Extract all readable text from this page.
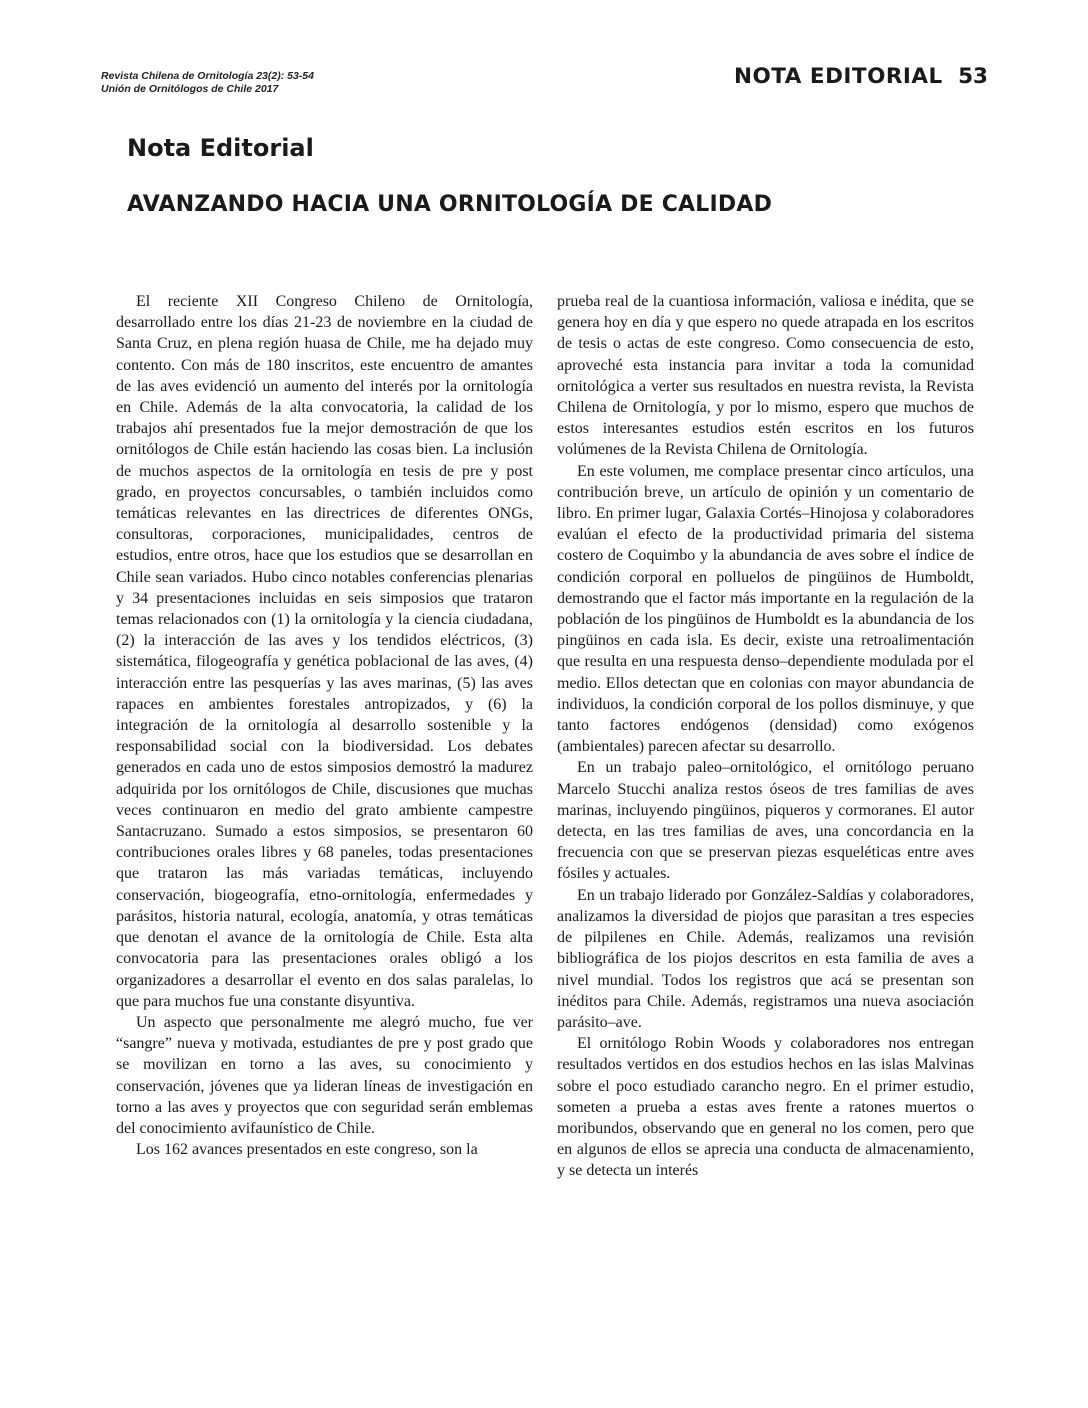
Revista Chilena de Ornitología 23(2): 53-54
Unión de Ornitólogos de Chile 2017	NOTA EDITORIAL 53
Nota Editorial
AVANZANDO HACIA UNA ORNITOLOGÍA DE CALIDAD

El reciente XII Congreso Chileno de Ornitología, desarrollado entre los días 21-23 de noviembre en la ciudad de Santa Cruz, en plena región huasa de Chile, me ha dejado muy contento. Con más de 180 inscritos, este encuentro de amantes de las aves evidenció un aumento del interés por la ornitología en Chile. Además de la alta convocatoria, la calidad de los trabajos ahí presentados fue la mejor demostración de que los ornitólogos de Chile están haciendo las cosas bien. La inclusión de muchos aspectos de la ornitología en tesis de pre y post grado, en proyectos concursables, o también incluidos como temáticas relevantes en las directrices de diferentes ONGs, consultoras, corporaciones, municipalidades, centros de estudios, entre otros, hace que los estudios que se desarrollan en Chile sean variados. Hubo cinco notables conferencias plenarias y 34 presentaciones incluidas en seis simposios que trataron temas relacionados con (1) la ornitología y la ciencia ciudadana, (2) la interacción de las aves y los tendidos eléctricos, (3) sistemática, filogeografía y genética poblacional de las aves, (4) interacción entre las pesquerías y las aves marinas, (5) las aves rapaces en ambientes forestales antropizados, y (6) la integración de la ornitología al desarrollo sostenible y la responsabilidad social con la biodiversidad. Los debates generados en cada uno de estos simposios demostró la madurez adquirida por los ornitólogos de Chile, discusiones que muchas veces continuaron en medio del grato ambiente campestre Santacruzano. Sumado a estos simposios, se presentaron 60 contribuciones orales libres y 68 paneles, todas presentaciones que trataron las más variadas temáticas, incluyendo conservación, biogeografía, etno-ornitología, enfermedades y parásitos, historia natural, ecología, anatomía, y otras temáticas que denotan el avance de la ornitología de Chile. Esta alta convocatoria para las presentaciones orales obligó a los organizadores a desarrollar el evento en dos salas paralelas, lo que para muchos fue una constante disyuntiva.

Un aspecto que personalmente me alegró mucho, fue ver “sangre” nueva y motivada, estudiantes de pre y post grado que se movilizan en torno a las aves, su conocimiento y conservación, jóvenes que ya lideran líneas de investigación en torno a las aves y proyectos que con seguridad serán emblemas del conocimiento avifaunístico de Chile.

Los 162 avances presentados en este congreso, son la

prueba real de la cuantiosa información, valiosa e inédita, que se genera hoy en día y que espero no quede atrapada en los escritos de tesis o actas de este congreso. Como consecuencia de esto, aproveché esta instancia para invitar a toda la comunidad ornitológica a verter sus resultados en nuestra revista, la Revista Chilena de Ornitología, y por lo mismo, espero que muchos de estos interesantes estudios estén escritos en los futuros volúmenes de la Revista Chilena de Ornitología.

En este volumen, me complace presentar cinco artículos, una contribución breve, un artículo de opinión y un comentario de libro. En primer lugar, Galaxia Cortés–Hinojosa y colaboradores evalúan el efecto de la productividad primaria del sistema costero de Coquimbo y la abundancia de aves sobre el índice de condición corporal en polluelos de pingüinos de Humboldt, demostrando que el factor más importante en la regulación de la población de los pingüinos de Humboldt es la abundancia de los pingüinos en cada isla. Es decir, existe una retroalimentación que resulta en una respuesta denso–dependiente modulada por el medio. Ellos detectan que en colonias con mayor abundancia de individuos, la condición corporal de los pollos disminuye, y que tanto factores endógenos (densidad) como exógenos (ambientales) parecen afectar su desarrollo.

En un trabajo paleo–ornitológico, el ornitólogo peruano Marcelo Stucchi analiza restos óseos de tres familias de aves marinas, incluyendo pingüinos, piqueros y cormoranes. El autor detecta, en las tres familias de aves, una concordancia en la frecuencia con que se preservan piezas esqueléticas entre aves fósiles y actuales.

En un trabajo liderado por González-Saldías y colaboradores, analizamos la diversidad de piojos que parasitan a tres especies de pilpilenes en Chile. Además, realizamos una revisión bibliográfica de los piojos descritos en esta familia de aves a nivel mundial. Todos los registros que acá se presentan son inéditos para Chile. Además, registramos una nueva asociación parásito–ave.

El ornitólogo Robin Woods y colaboradores nos entregan resultados vertidos en dos estudios hechos en las islas Malvinas sobre el poco estudiado carancho negro. En el primer estudio, someten a prueba a estas aves frente a ratones muertos o moribundos, observando que en general no los comen, pero que en algunos de ellos se aprecia una conducta de almacenamiento, y se detecta un interés
